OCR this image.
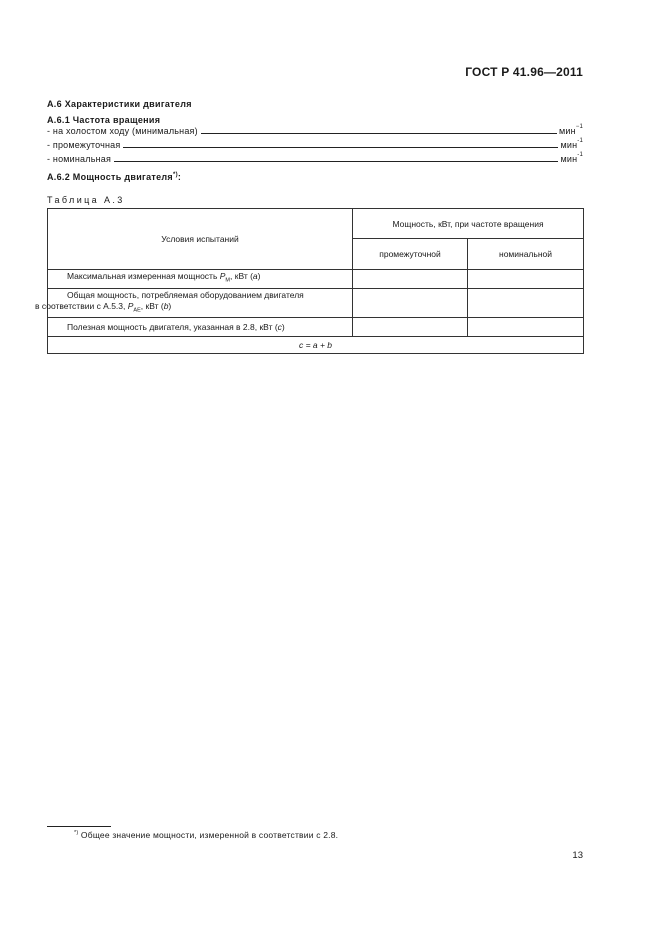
ГОСТ Р 41.96—2011
А.6 Характеристики двигателя
А.6.1 Частота вращения
- на холостом ходу (минимальная)	мин$^{-1}$
- промежуточная	мин$^{-1}$
- номинальная	мин$^{-1}$
А.6.2 Мощность двигателя*):
Таблица А.3
Условия испытаний	Мощность, кВт, при частоте вращения	
	промежуточной	номинальной
Максимальная измеренная мощность $P_M$, кВт (a)		
Общая мощность, потребляемая оборудованием двигателя
в соответствии с А.5.3, $P_{AE}$, кВт (b)		
Полезная мощность двигателя, указанная в 2.8, кВт (c)		
c = a + b		
*) Общее значение мощности, измеренной в соответствии с 2.8.
13
